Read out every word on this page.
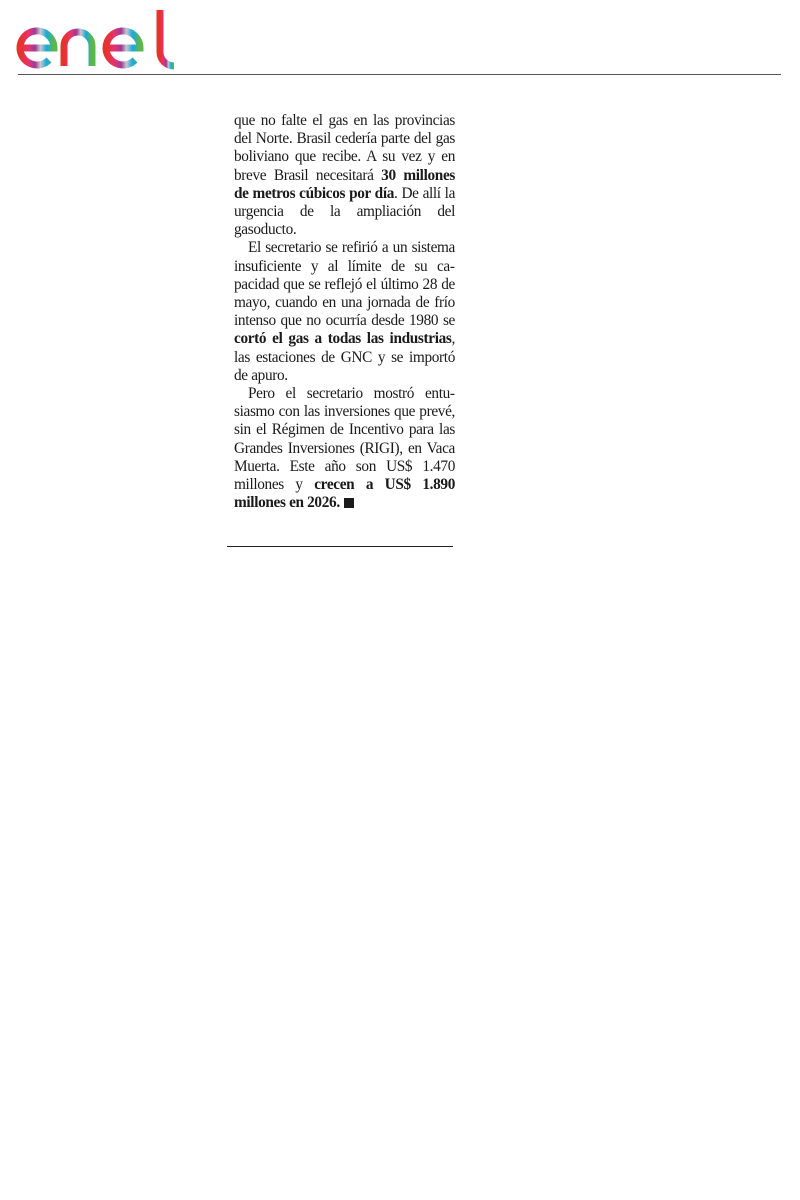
que no falte el gas en las provincias del Norte. Brasil cedería parte del gas boliviano que recibe. A su vez y en breve Brasil necesitará 30 millones de metros cúbicos por día. De allí la urgencia de la ampliación del gasoducto.

El secretario se refirió a un sistema insuficiente y al límite de su capacidad que se reflejó el último 28 de mayo, cuando en una jornada de frío intenso que no ocurría desde 1980 se cortó el gas a todas las industrias, las estaciones de GNC y se importó de apuro.

Pero el secretario mostró entusiasmo con las inversiones que prevé, sin el Régimen de Incentivo para las Grandes Inversiones (RIGI), en Vaca Muerta. Este año son US$ 1.470 millones y crecen a US$ 1.890 millones en 2026.
